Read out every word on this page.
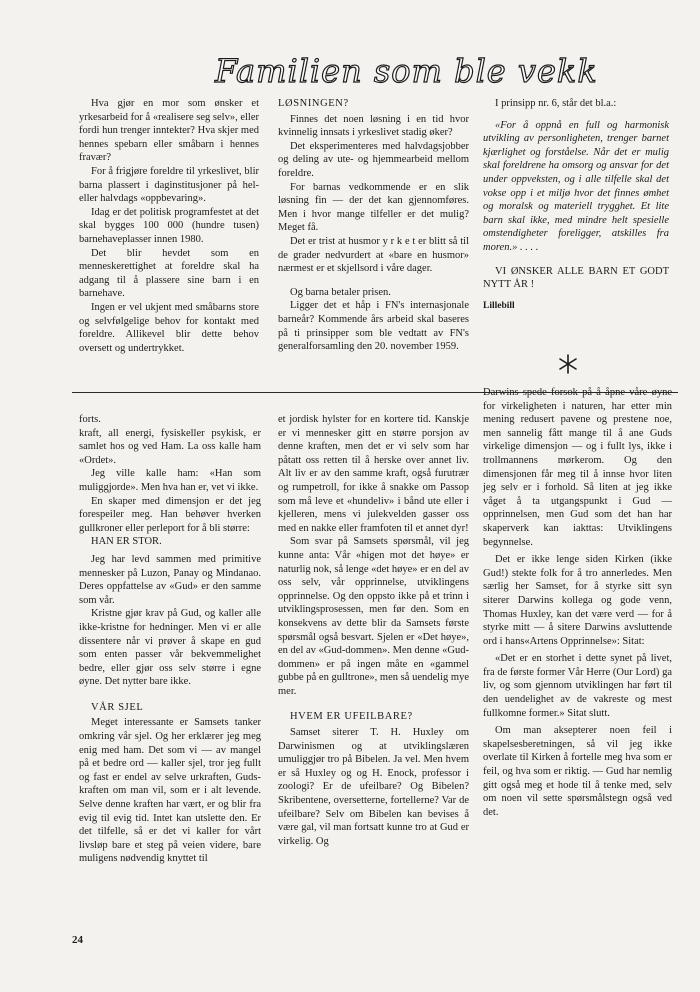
Familien som ble vekk

Hva gjør en mor som ønsker et yrkesarbeid for å «realisere seg selv», eller fordi hun trenger inntekter? Hva skjer med hennes spebarn eller småbarn i hennes fravær?

For å frigjøre foreldre til yrkeslivet, blir barna plassert i daginstitusjoner på hel- eller halvdags «oppbevaring».

Idag er det politisk programfestet at det skal bygges 100 000 (hundre tusen) barnehaveplasser innen 1980.

Det blir hevdet som en menneskerettighet at foreldre skal ha adgang til å plassere sine barn i en barnehave.

Ingen er vel ukjent med småbarns store og selvfølgelige behov for kontakt med foreldre. Allikevel blir dette behov oversett og undertrykket.

LØSNINGEN?

Finnes det noen løsning i en tid hvor kvinnelig innsats i yrkeslivet stadig øker?

Det eksperimenteres med halvdagsjobber og deling av ute- og hjemmearbeid mellom foreldre.

For barnas vedkommende er en slik løsning fin — der det kan gjennomføres. Men i hvor mange tilfeller er det mulig? Meget få.

Det er trist at husmor y r k e t er blitt så til de grader nedvurdert at «bare en husmor» nærmest er et skjellsord i våre dager.

Og barna betaler prisen.

Ligger det et håp i FN's internasjonale barneår? Kommende års arbeid skal baseres på ti prinsipper som ble vedtatt av FN's generalforsamling den 20. november 1959.

I prinsipp nr. 6, står det bl.a.:

«For å oppnå en full og harmonisk utvikling av personligheten, trenger barnet kjærlighet og forståelse. Når det er mulig skal foreldrene ha omsorg og ansvar for det under oppveksten, og i alle tilfelle skal det vokse opp i et miljø hvor det finnes ømhet og moralsk og materiell trygghet. Et lite barn skal ikke, med mindre helt spesielle omstendigheter foreligger, atskilles fra moren.» . . . .

VI ØNSKER ALLE BARN ET GODT NYTT ÅR !

Lillebill

forts.

kraft, all energi, fysiskeller psykisk, er samlet hos og ved Ham. La oss kalle ham «Ordet».

Jeg ville kalle ham: «Han som muliggjorde». Men hva han er, vet vi ikke.

En skaper med dimensjon er det jeg forespeiler meg. Han behøver hverken gullkroner eller perleport for å bli større:

HAN ER STOR.

Jeg har levd sammen med primitive mennesker på Luzon, Panay og Mindanao. Deres oppfattelse av «Gud» er den samme som vår.

Kristne gjør krav på Gud, og kaller alle ikke-kristne for hedninger. Men vi er alle dissentere når vi prøver å skape en gud som enten passer vår bekvemmelighet bedre, eller gjør oss selv større i egne øyne. Det nytter bare ikke.

VÅR SJEL

Meget interessante er Samsets tanker omkring vår sjel. Og her erklærer jeg meg enig med ham. Det som vi — av mangel på et bedre ord — kaller sjel, tror jeg fullt og fast er endel av selve urkraften, Guds-kraften om man vil, som er i alt levende. Selve denne kraften har vært, er og blir fra evig til evig tid. Intet kan utslette den. Er det tilfelle, så er det vi kaller for vårt livsløp bare et steg på veien videre, bare muligens nødvendig knyttet til

et jordisk hylster for en kortere tid. Kanskje er vi mennesker gitt en større porsjon av denne kraften, men det er vi selv som har påtatt oss retten til å herske over annet liv. Alt liv er av den samme kraft, også furutrær og rumpetroll, for ikke å snakke om Passop som må leve et «hundeliv» i bånd ute eller i kjelleren, mens vi julekvelden gasser oss med en nakke eller framfoten til et annet dyr!

Som svar på Samsets spørsmål, vil jeg kunne anta: Vår «higen mot det høye» er naturlig nok, så lenge «det høye» er en del av oss selv, vår opprinnelse, utviklingens opprinnelse. Og den oppsto ikke på et trinn i utviklingsprosessen, men før den. Som en konsekvens av dette blir da Samsets første spørsmål også besvart. Sjelen er «Det høye», en del av «Gud-dommen». Men denne «Gud-dommen» er på ingen måte en «gammel gubbe på en gulltrone», men så uendelig mye mer.

HVEM ER UFEILBARE?

Samset siterer T. H. Huxley om Darwinismen og at utviklingslæren umuliggjør tro på Bibelen. Ja vel. Men hvem er så Huxley og og H. Enock, professor i zoologi? Er de ufeilbare? Og Bibelen? Skribentene, oversetterne, fortellerne? Var de ufeilbare? Selv om Bibelen kan bevises å være gal, vil man fortsatt kunne tro at Gud er virkelig. Og

Darwins spede forsok på å åpne våre øyne for virkeligheten i naturen, har etter min mening redusert pavene og prestene noe, men sannelig fått mange til å ane Guds virkelige dimensjon — og i fullt lys, ikke i trollmannens mørkerom. Og den dimensjonen får meg til å innse hvor liten jeg selv er i forhold. Så liten at jeg ikke våget å ta utgangspunkt i Gud — opprinnelsen, men Gud som det han har skaperverk kan iakttas: Utviklingens begynnelse.

Det er ikke lenge siden Kirken (ikke Gud!) stekte folk for å tro annerledes. Men særlig her Samset, for å styrke sitt syn siterer Darwins kollega og gode venn, Thomas Huxley, kan det være verd — for å styrke mitt — å sitere Darwins avsluttende ord i hans«Artens Opprinnelse»: Sitat:

«Det er en storhet i dette synet på livet, fra de første former Vår Herre (Our Lord) ga liv, og som gjennom utviklingen har ført til den uendelighet av de vakreste og mest fullkomne former.» Sitat slutt.

Om man aksepterer noen feil i skapelsesberetningen, så vil jeg ikke overlate til Kirken å fortelle meg hva som er feil, og hva som er riktig. — Gud har nemlig gitt også meg et hode til å tenke med, selv om noen vil sette spørsmålstegn også ved det.

24
